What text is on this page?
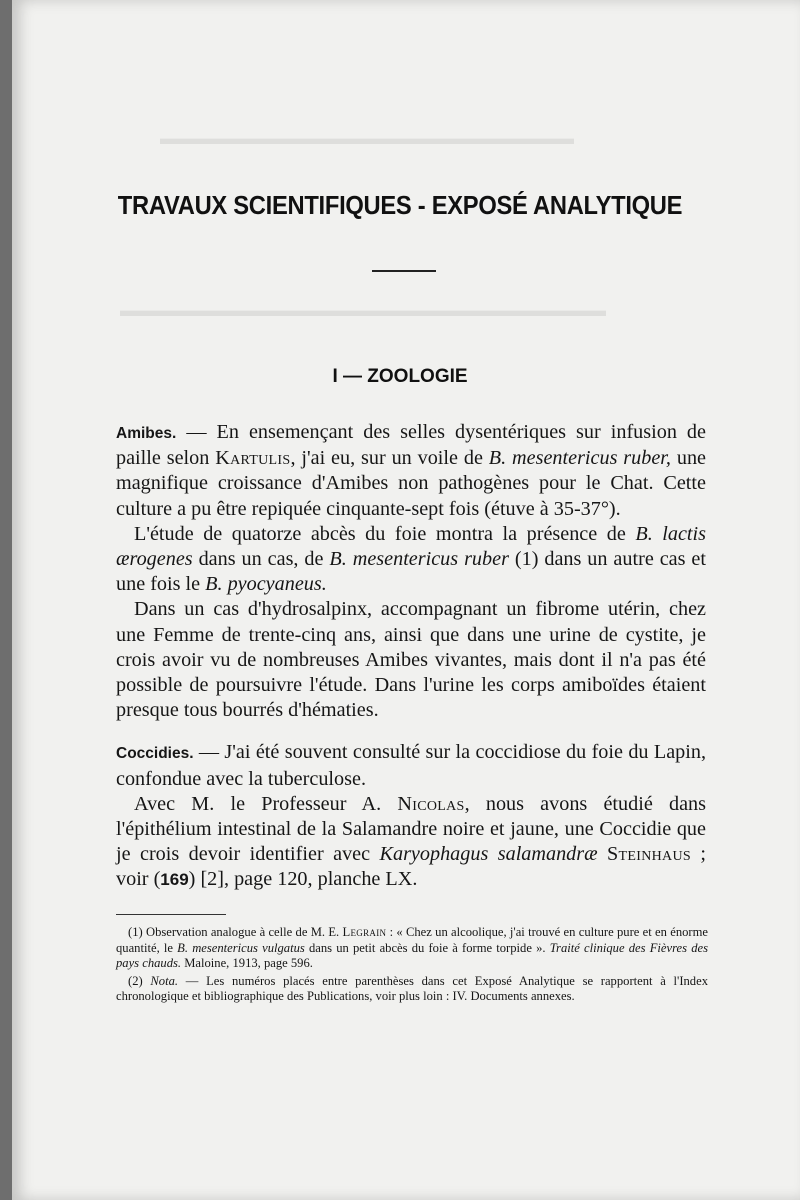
▬▬▬▬▬▬▬▬▬▬▬▬▬▬▬▬▬▬▬▬▬▬▬
▬▬▬▬▬▬▬▬▬▬▬▬▬▬▬▬▬▬▬▬▬▬▬▬▬▬▬
TRAVAUX SCIENTIFIQUES - EXPOSÉ ANALYTIQUE
I — ZOOLOGIE

Amibes. — En ensemençant des selles dysentériques sur infusion de paille selon Kartulis, j'ai eu, sur un voile de B. mesentericus ruber, une magnifique croissance d'Amibes non pathogènes pour le Chat. Cette culture a pu être repiquée cinquante-sept fois (étuve à 35-37°).

L'étude de quatorze abcès du foie montra la présence de B. lactis ærogenes dans un cas, de B. mesentericus ruber (1) dans un autre cas et une fois le B. pyocyaneus.

Dans un cas d'hydrosalpinx, accompagnant un fibrome utérin, chez une Femme de trente-cinq ans, ainsi que dans une urine de cystite, je crois avoir vu de nombreuses Amibes vivantes, mais dont il n'a pas été possible de poursuivre l'étude. Dans l'urine les corps amiboïdes étaient presque tous bourrés d'hématies.

Coccidies. — J'ai été souvent consulté sur la coccidiose du foie du Lapin, confondue avec la tuberculose.

Avec M. le Professeur A. Nicolas, nous avons étudié dans l'épithélium intestinal de la Salamandre noire et jaune, une Coccidie que je crois devoir identifier avec Karyophagus salamandræ Steinhaus ; voir (169) [2], page 120, planche LX.

(1) Observation analogue à celle de M. E. Legrain : « Chez un alcoolique, j'ai trouvé en culture pure et en énorme quantité, le B. mesentericus vulgatus dans un petit abcès du foie à forme torpide ». Traité clinique des Fièvres des pays chauds. Maloine, 1913, page 596.

(2) Nota. — Les numéros placés entre parenthèses dans cet Exposé Analytique se rapportent à l'Index chronologique et bibliographique des Publications, voir plus loin : IV. Documents annexes.
